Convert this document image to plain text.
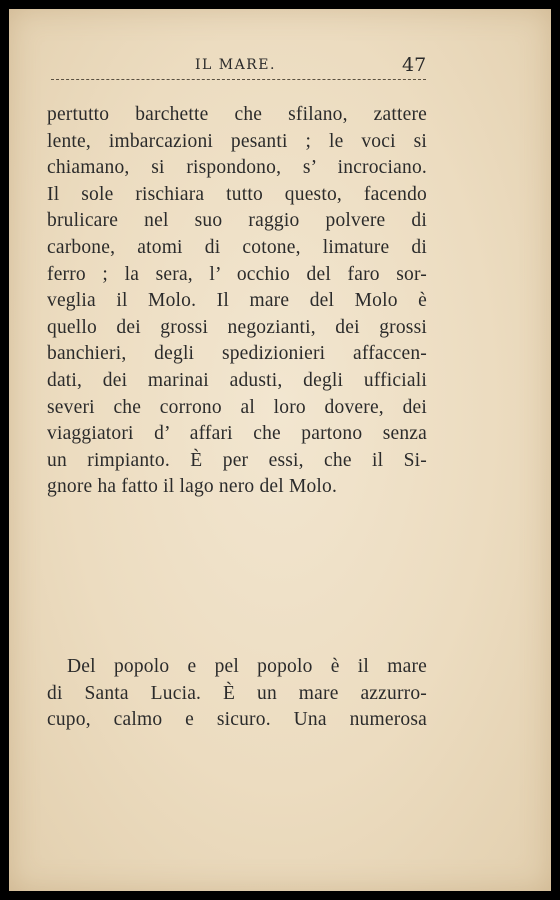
IL MARE.	47

pertutto barchette che sfilano, zattere
lente, imbarcazioni pesanti ; le voci si
chiamano, si rispondono, s’ incrociano.
Il sole rischiara tutto questo, facendo
brulicare nel suo raggio polvere di
carbone, atomi di cotone, limature di
ferro ; la sera, l’ occhio del faro sor-
veglia il Molo. Il mare del Molo è
quello dei grossi negozianti, dei grossi
banchieri, degli spedizionieri affaccen-
dati, dei marinai adusti, degli ufficiali
severi che corrono al loro dovere, dei
viaggiatori d’ affari che partono senza
un rimpianto. È per essi, che il Si-
gnore ha fatto il lago nero del Molo.

Del popolo e pel popolo è il mare
di Santa Lucia. È un mare azzurro-
cupo, calmo e sicuro. Una numerosa
